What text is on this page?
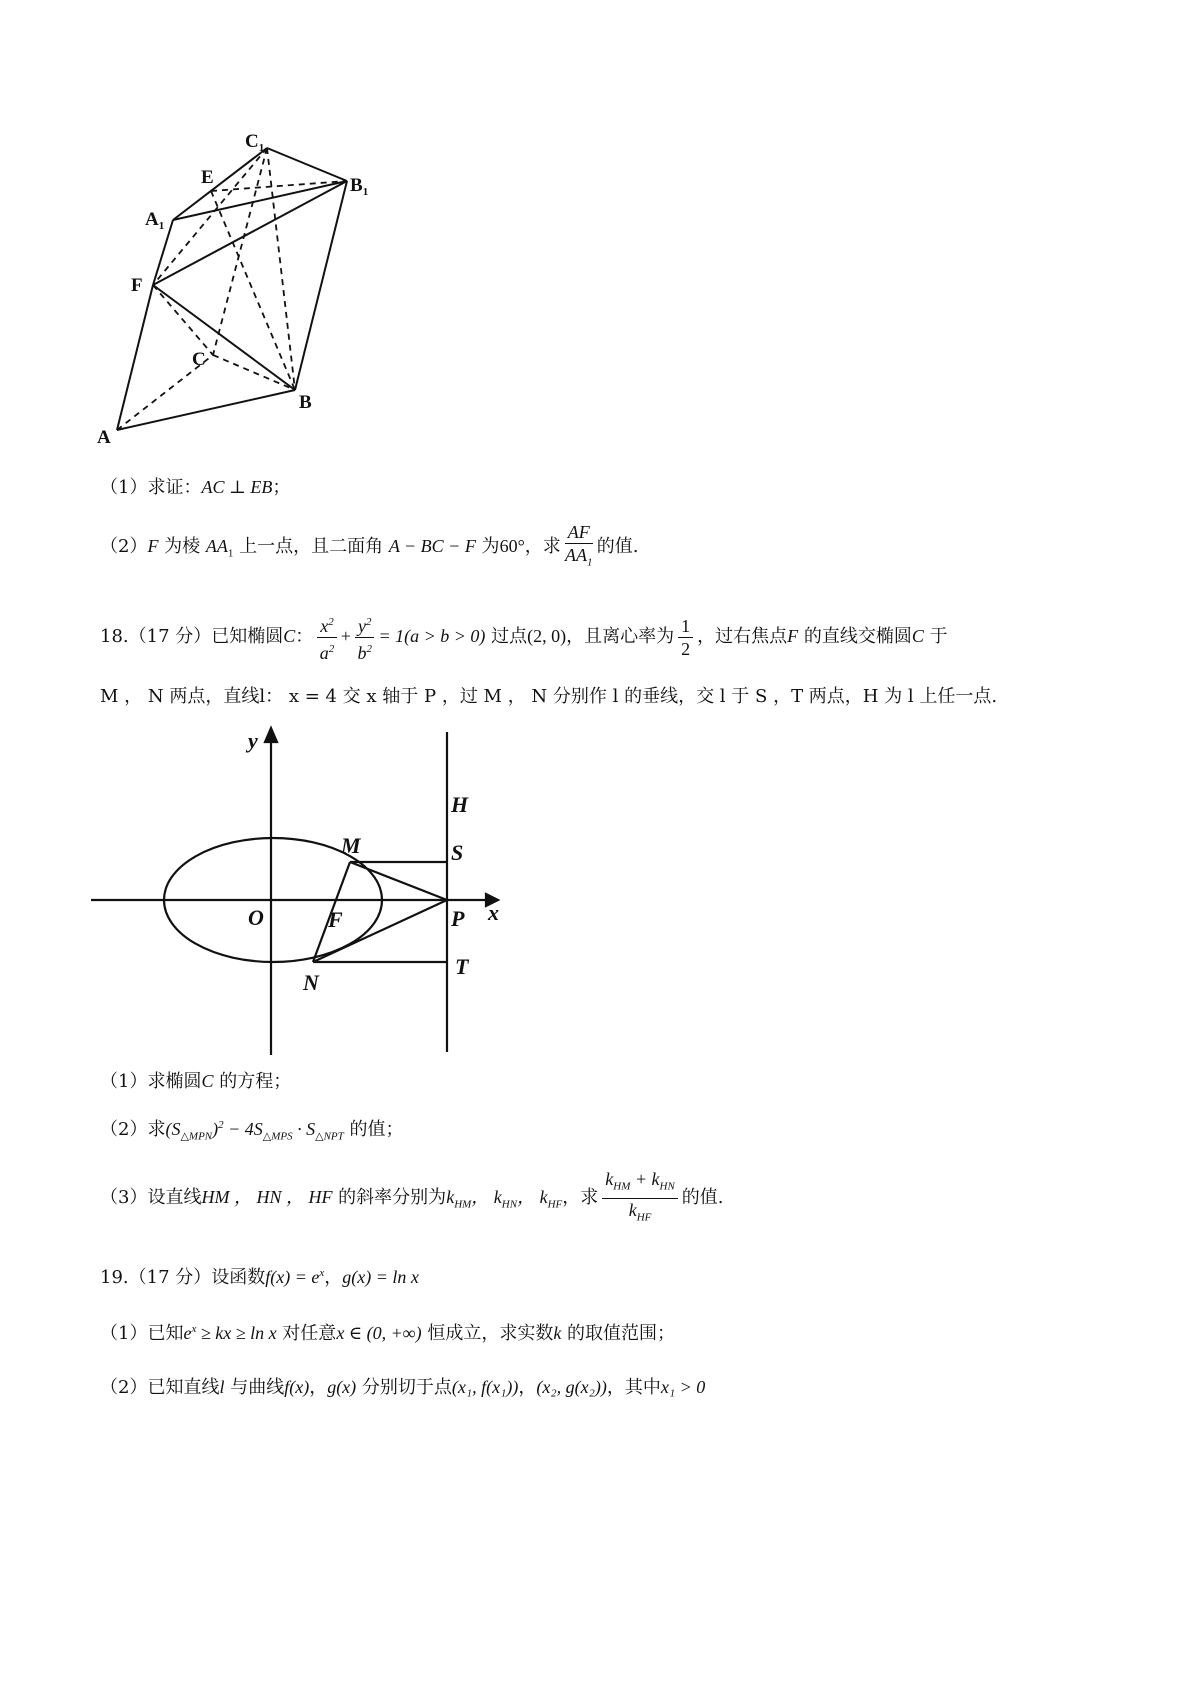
$C_1$
$B_1$
E
$A_1$
F
C
B
A
（1）求证：AC ⊥ EB；
（2）F 为棱 $AA_1$ 上一点，且二面角 A − BC − F 为60°，求 $\frac{AF}{AA_1}$ 的值.
18.（17 分）已知椭圆C： $\frac{x^2}{a^2} + \frac{y^2}{b^2} = 1(a > b > 0)$ 过点(2, 0)，且离心率为 $\frac{1}{2}$ ，过右焦点F 的直线交椭圆C 于
M ， N 两点，直线l： x = 4 交 x 轴于 P ，过 M ， N 分别作 l 的垂线，交 l 于 S ，T 两点，H 为 l 上任一点.
y
x
H
M	S
O	F	P
T
N
（1）求椭圆C 的方程；
（2）求$(S_{\triangle MPN})^2 - 4S_{\triangle MPS} \cdot S_{\triangle NPT}$ 的值；
（3）设直线HM ， HN ， HF 的斜率分别为$k_{HM}$， $k_{HN}$， $k_{HF}$，求 $\frac{k_{HM} + k_{HN}}{k_{HF}}$ 的值.
19.（17 分）设函数$f(x) = e^x$，g(x) = ln x
（1）已知$e^x$ ≥ kx ≥ ln x 对任意x ∈ (0, +∞) 恒成立，求实数k 的取值范围；
（2）已知直线l 与曲线f(x)，g(x) 分别切于点(x₁, f(x₁))，(x₂, g(x₂))，其中x₁ > 0
